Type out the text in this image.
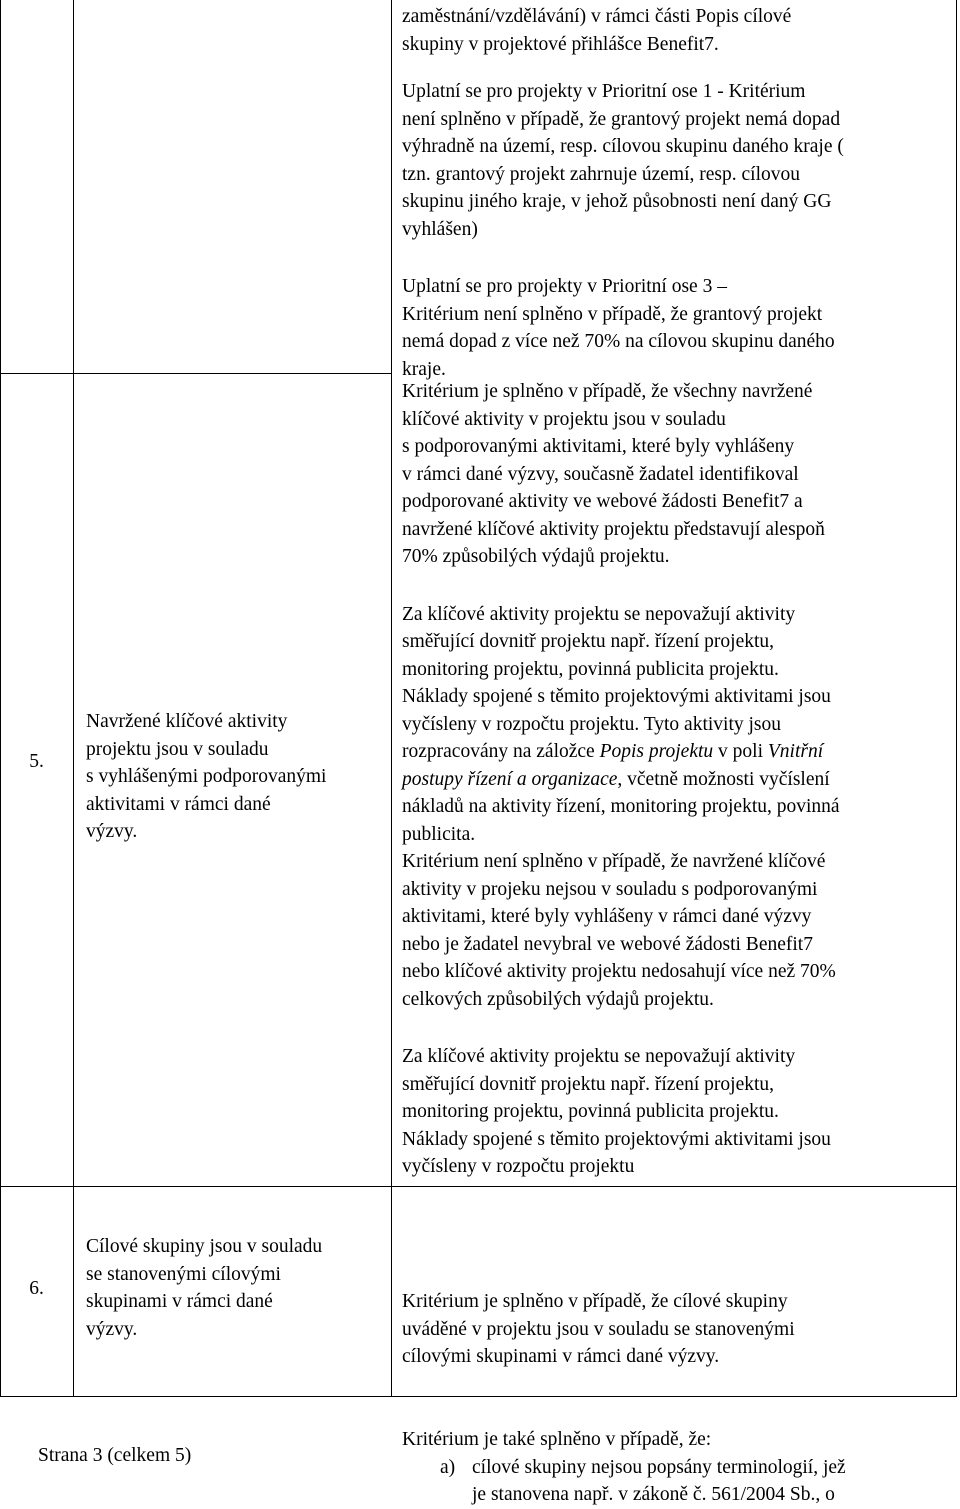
zaměstnání/vzdělávání) v rámci části Popis cílové
skupiny v projektové přihlášce Benefit7.

Uplatní se pro projekty v Prioritní ose 1 - Kritérium
není splněno v případě, že grantový projekt nemá dopad
výhradně na území, resp. cílovou skupinu daného kraje (
tzn. grantový projekt zahrnuje území, resp. cílovou
skupinu jiného kraje, v jehož působnosti není daný GG
vyhlášen)

Uplatní se pro projekty v Prioritní ose 3 –
Kritérium není splněno v případě, že grantový projekt
nemá dopad z více než 70% na cílovou skupinu daného
kraje.

5.
Navržené klíčové aktivity
projektu jsou v souladu
s vyhlášenými podporovanými
aktivitami v rámci dané
výzvy.

Kritérium je splněno v případě, že všechny navržené
klíčové aktivity v projektu jsou v souladu
s podporovanými aktivitami, které byly vyhlášeny
v rámci dané výzvy, současně žadatel identifikoval
podporované aktivity ve webové žádosti Benefit7 a
navržené klíčové aktivity projektu představují alespoň
70% způsobilých výdajů projektu.

Za klíčové aktivity projektu se nepovažují aktivity
směřující dovnitř projektu např. řízení projektu,
monitoring projektu, povinná publicita projektu.
Náklady spojené s těmito projektovými aktivitami jsou
vyčísleny v rozpočtu projektu. Tyto aktivity jsou
rozpracovány na záložce Popis projektu v poli Vnitřní
postupy řízení a organizace, včetně možnosti vyčíslení
nákladů na aktivity řízení, monitoring projektu, povinná
publicita.

Kritérium není splněno v případě, že navržené klíčové
aktivity v projeku nejsou v souladu s podporovanými
aktivitami, které byly vyhlášeny v rámci dané výzvy
nebo je žadatel nevybral ve webové žádosti Benefit7
nebo klíčové aktivity projektu nedosahují více než 70%
celkových způsobilých výdajů projektu.

Za klíčové aktivity projektu se nepovažují aktivity
směřující dovnitř projektu např. řízení projektu,
monitoring projektu, povinná publicita projektu.
Náklady spojené s těmito projektovými aktivitami jsou
vyčísleny v rozpočtu projektu

6.
Cílové skupiny jsou v souladu
se stanovenými cílovými
skupinami v rámci dané
výzvy.
Kritérium je splněno v případě, že cílové skupiny
uváděné v projektu jsou v souladu se stanovenými
cílovými skupinami v rámci dané výzvy.
Strana 3 (celkem 5)
Kritérium je také splněno v případě, že:
a) cílové skupiny nejsou popsány terminologií, jež
je stanovena např. v zákoně č. 561/2004 Sb., o
